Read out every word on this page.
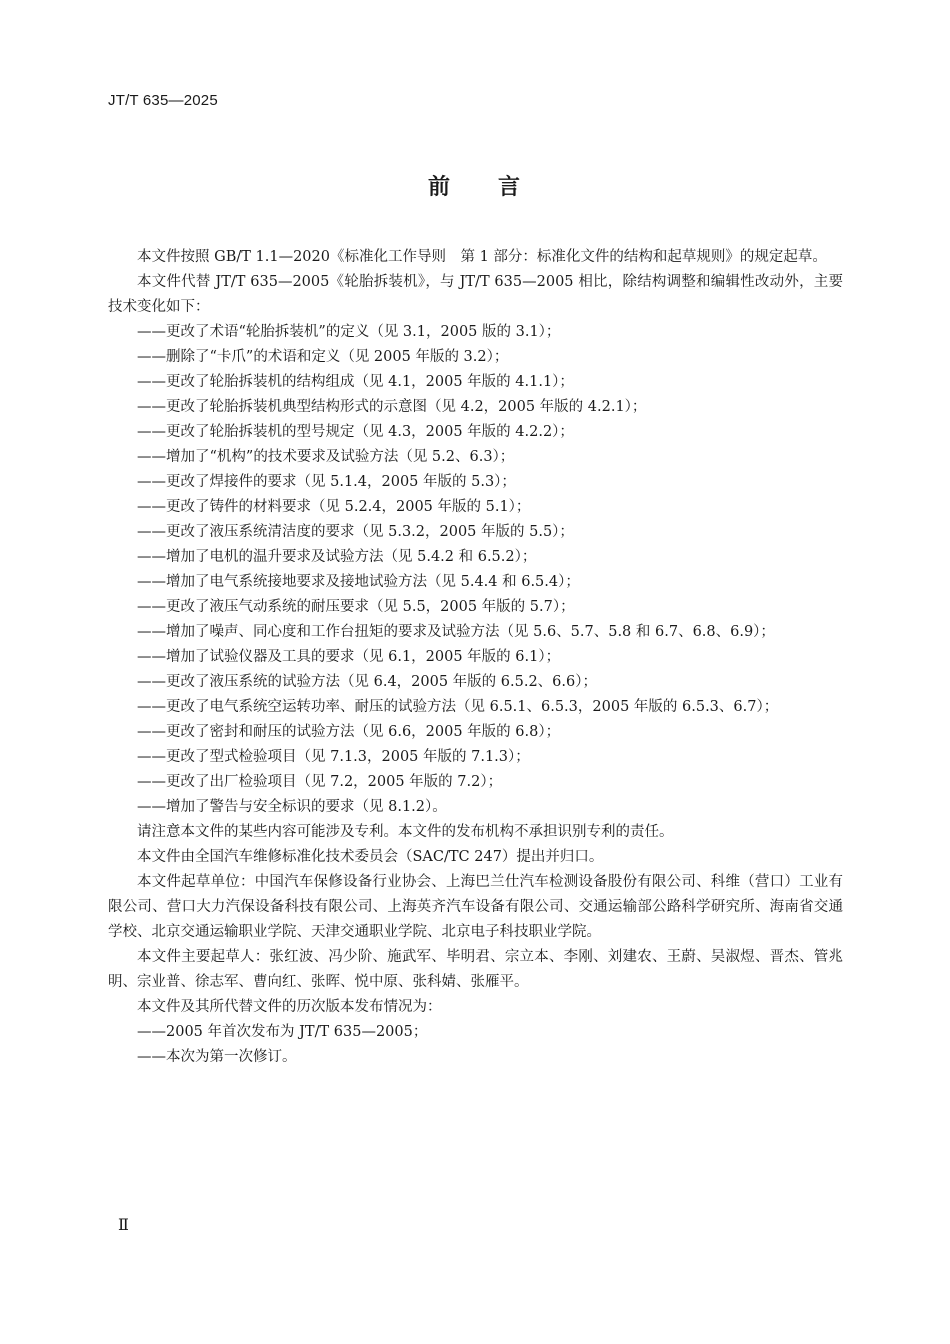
JT/T 635—2025
前 言

本文件按照 GB/T 1.1—2020《标准化工作导则　第 1 部分：标准化文件的结构和起草规则》的规定起草。

本文件代替 JT/T 635—2005《轮胎拆装机》，与 JT/T 635—2005 相比，除结构调整和编辑性改动外，主要技术变化如下：

——更改了术语“轮胎拆装机”的定义（见 3.1，2005 版的 3.1）；

——删除了“卡爪”的术语和定义（见 2005 年版的 3.2）；

——更改了轮胎拆装机的结构组成（见 4.1，2005 年版的 4.1.1）；

——更改了轮胎拆装机典型结构形式的示意图（见 4.2，2005 年版的 4.2.1）；

——更改了轮胎拆装机的型号规定（见 4.3，2005 年版的 4.2.2）；

——增加了“机构”的技术要求及试验方法（见 5.2、6.3）；

——更改了焊接件的要求（见 5.1.4，2005 年版的 5.3）；

——更改了铸件的材料要求（见 5.2.4，2005 年版的 5.1）；

——更改了液压系统清洁度的要求（见 5.3.2，2005 年版的 5.5）；

——增加了电机的温升要求及试验方法（见 5.4.2 和 6.5.2）；

——增加了电气系统接地要求及接地试验方法（见 5.4.4 和 6.5.4）；

——更改了液压气动系统的耐压要求（见 5.5，2005 年版的 5.7）；

——增加了噪声、同心度和工作台扭矩的要求及试验方法（见 5.6、5.7、5.8 和 6.7、6.8、6.9）；

——增加了试验仪器及工具的要求（见 6.1，2005 年版的 6.1）；

——更改了液压系统的试验方法（见 6.4，2005 年版的 6.5.2、6.6）；

——更改了电气系统空运转功率、耐压的试验方法（见 6.5.1、6.5.3，2005 年版的 6.5.3、6.7）；

——更改了密封和耐压的试验方法（见 6.6，2005 年版的 6.8）；

——更改了型式检验项目（见 7.1.3，2005 年版的 7.1.3）；

——更改了出厂检验项目（见 7.2，2005 年版的 7.2）；

——增加了警告与安全标识的要求（见 8.1.2）。

请注意本文件的某些内容可能涉及专利。本文件的发布机构不承担识别专利的责任。

本文件由全国汽车维修标准化技术委员会（SAC/TC 247）提出并归口。

本文件起草单位：中国汽车保修设备行业协会、上海巴兰仕汽车检测设备股份有限公司、科维（营口）工业有限公司、营口大力汽保设备科技有限公司、上海英齐汽车设备有限公司、交通运输部公路科学研究所、海南省交通学校、北京交通运输职业学院、天津交通职业学院、北京电子科技职业学院。

本文件主要起草人：张红波、冯少阶、施武军、毕明君、宗立本、李刚、刘建农、王蔚、吴淑煜、晋杰、管兆明、宗业普、徐志军、曹向红、张晖、悦中原、张科婧、张雁平。

本文件及其所代替文件的历次版本发布情况为：

——2005 年首次发布为 JT/T 635—2005；

——本次为第一次修订。

Ⅱ
